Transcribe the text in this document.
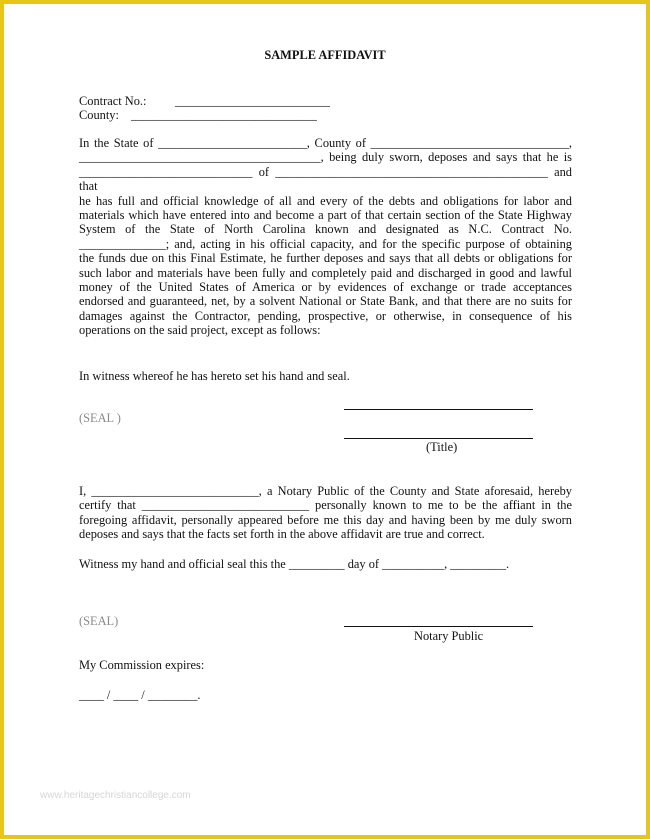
SAMPLE AFFIDAVIT
Contract No.: _________________________
County: ______________________________
In the State of ________________________, County of ________________________________,
_______________________________________, being duly sworn, deposes and says that he is
____________________________ of ____________________________________________ and that
he has full and official knowledge of all and every of the debts and obligations for labor and
materials which have entered into and become a part of that certain section of the State Highway
System of the State of North Carolina known and designated as N.C. Contract No.
______________; and, acting in his official capacity, and for the specific purpose of obtaining
the funds due on this Final Estimate, he further deposes and says that all debts or obligations for
such labor and materials have been fully and completely paid and discharged in good and lawful
money of the United States of America or by evidences of exchange or trade acceptances
endorsed and guaranteed, net, by a solvent National or State Bank, and that there are no suits for
damages against the Contractor, pending, prospective, or otherwise, in consequence of his
operations on the said project, except as follows:
In witness whereof he has hereto set his hand and seal.
(SEAL )
(Title)
I, ___________________________, a Notary Public of the County and State aforesaid, hereby
certify that ___________________________ personally known to me to be the affiant in the
foregoing affidavit, personally appeared before me this day and having been by me duly sworn
deposes and says that the facts set forth in the above affidavit are true and correct.
Witness my hand and official seal this the _________ day of __________, _________.
(SEAL)
Notary Public
My Commission expires:
____ / ____ / ________.
www.heritagechristiancollege.com
